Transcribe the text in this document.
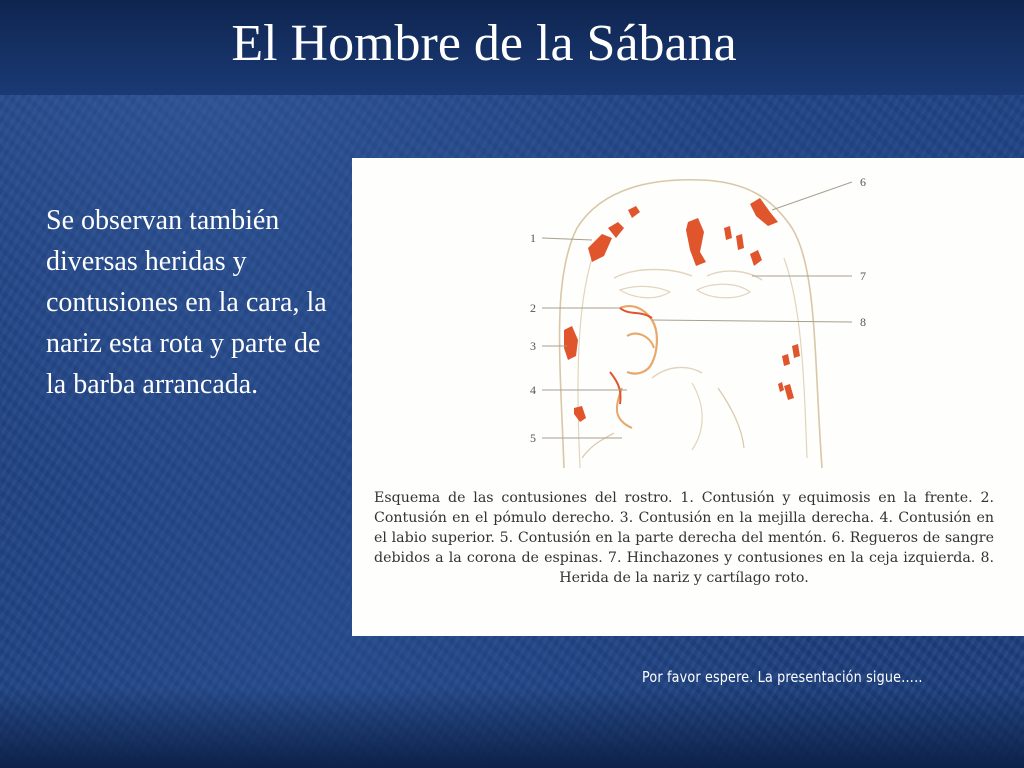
El Hombre de la Sábana
Se observan también diversas heridas y contusiones en la cara, la nariz esta rota y parte de la barba arrancada.
1
2
3
4
5
6
7
8
Esquema de las contusiones del rostro. 1. Contusión y equimosis en la frente. 2. Contusión en el pómulo derecho. 3. Contusión en la mejilla derecha. 4. Contusión en el labio superior. 5. Contusión en la parte derecha del mentón. 6. Regueros de sangre debidos a la corona de espinas. 7. Hinchazones y contusiones en la ceja izquierda. 8. Herida de la nariz y cartílago roto.
Por favor espere. La presentación sigue…..
